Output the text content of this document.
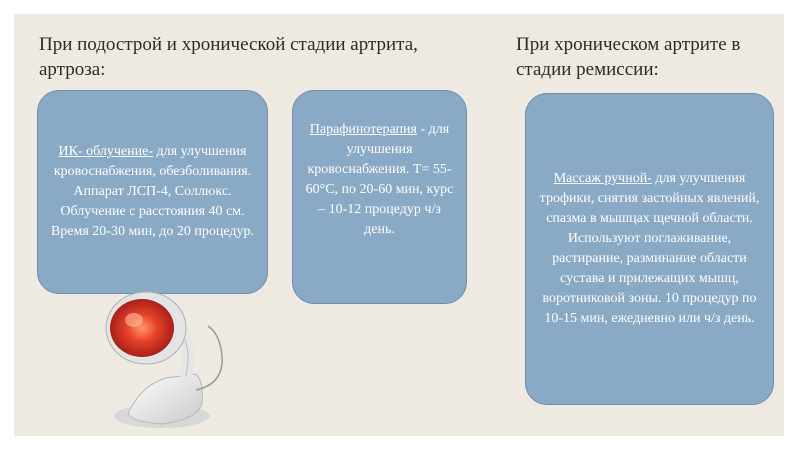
При подострой и хронической стадии артрита, артроза:

При хроническом артрите в стадии ремиссии:

ИК- облучение- для улучшения кровоснабжения, обезболивания. Аппарат ЛСП-4, Соллюкс. Облучение с расстояния 40 см. Время 20-30 мин, до 20 процедур.
Парафинотерапия - для улучшения кровоснабжения. Т= 55-60°С, по 20-60 мин, курс – 10-12 процедур ч/з день.
Массаж ручной- для улучшения трофики, снятия застойных явлений, спазма в мышцах щечной области. Используют поглаживание, растирание, разминание области сустава и прилежащих мышц, воротниковой зоны. 10 процедур по 10-15 мин, ежедневно или ч/з день.
